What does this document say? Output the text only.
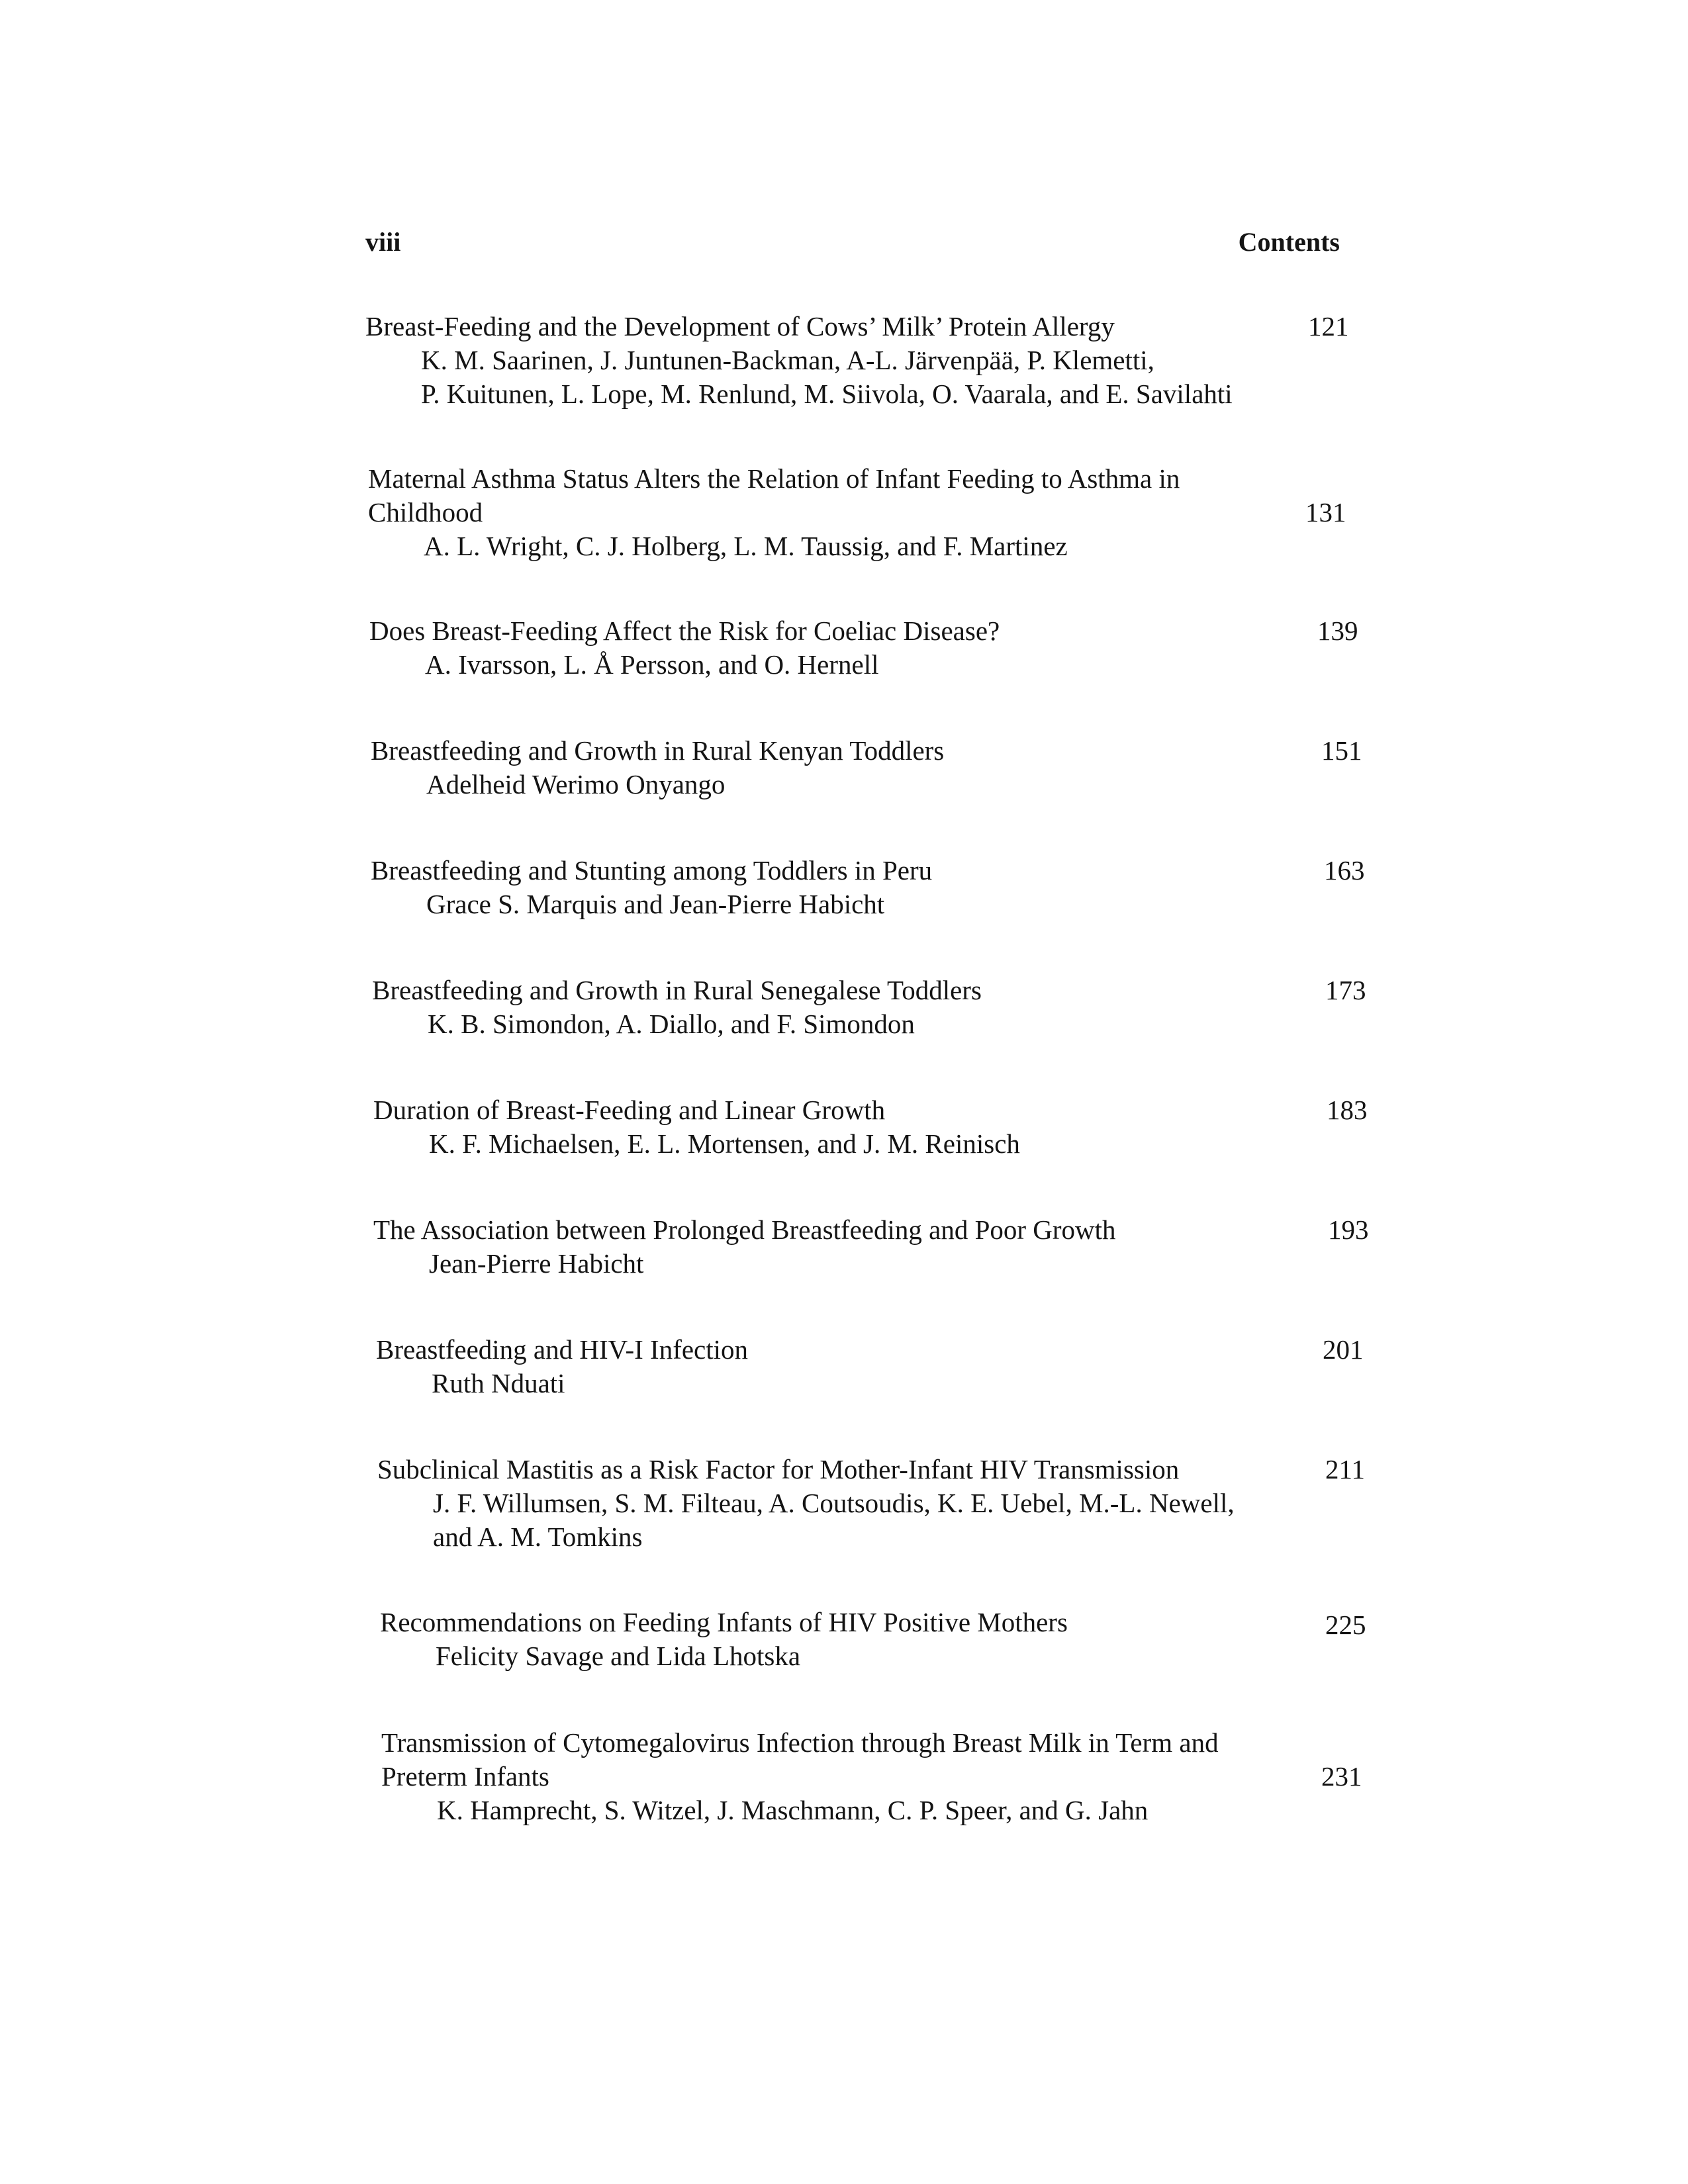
viii	Contents
Breast-Feeding and the Development of Cows’ Milk’ Protein Allergy
K. M. Saarinen, J. Juntunen-Backman, A-L. Järvenpää, P. Klemetti,
P. Kuitunen, L. Lope, M. Renlund, M. Siivola, O. Vaarala, and E. Savilahti
121
Maternal Asthma Status Alters the Relation of Infant Feeding to Asthma in
Childhood
A. L. Wright, C. J. Holberg, L. M. Taussig, and F. Martinez
131
Does Breast-Feeding Affect the Risk for Coeliac Disease?
A. Ivarsson, L. Å Persson, and O. Hernell
139
Breastfeeding and Growth in Rural Kenyan Toddlers
Adelheid Werimo Onyango
151
Breastfeeding and Stunting among Toddlers in Peru
Grace S. Marquis and Jean-Pierre Habicht
163
Breastfeeding and Growth in Rural Senegalese Toddlers
K. B. Simondon, A. Diallo, and F. Simondon
173
Duration of Breast-Feeding and Linear Growth
K. F. Michaelsen, E. L. Mortensen, and J. M. Reinisch
183
The Association between Prolonged Breastfeeding and Poor Growth
Jean-Pierre Habicht
193
Breastfeeding and HIV-I Infection
Ruth Nduati
201
Subclinical Mastitis as a Risk Factor for Mother-Infant HIV Transmission
J. F. Willumsen, S. M. Filteau, A. Coutsoudis, K. E. Uebel, M.-L. Newell,
and A. M. Tomkins
211
Recommendations on Feeding Infants of HIV Positive Mothers
Felicity Savage and Lida Lhotska
225
Transmission of Cytomegalovirus Infection through Breast Milk in Term and
Preterm Infants
K. Hamprecht, S. Witzel, J. Maschmann, C. P. Speer, and G. Jahn
231
